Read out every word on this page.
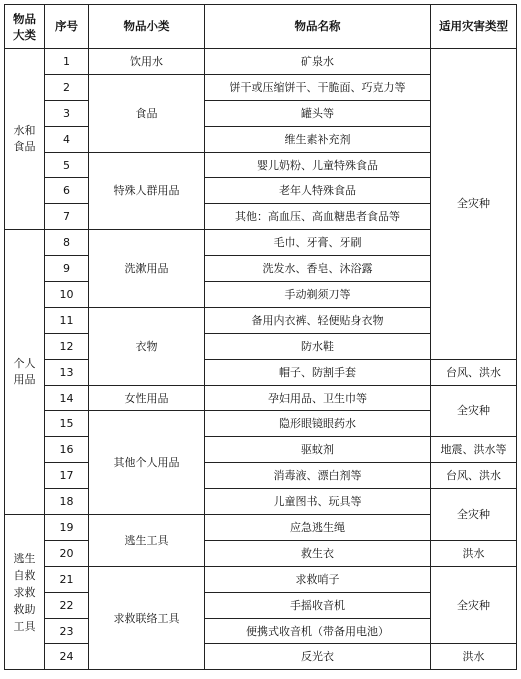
物品大类	序号	物品小类	物品名称	适用灾害类型
水和食品	1	饮用水	矿泉水	全灾种
	2	食品	饼干或压缩饼干、干脆面、巧克力等	
	3		罐头等	
	4		维生素补充剂	
	5	特殊人群用品	婴儿奶粉、儿童特殊食品	
	6		老年人特殊食品	
	7		其他：高血压、高血糖患者食品等	
个人用品	8	洗漱用品	毛巾、牙膏、牙刷	
	9		洗发水、香皂、沐浴露	
	10		手动剃须刀等	
	11	衣物	备用内衣裤、轻便贴身衣物	
	12		防水鞋	
	13		帽子、防割手套	台风、洪水
	14	女性用品	孕妇用品、卫生巾等	全灾种
	15	其他个人用品	隐形眼镜眼药水	
	16		驱蚊剂	地震、洪水等
	17		消毒液、漂白剂等	台风、洪水
	18		儿童图书、玩具等	全灾种
逃生自救求救救助工具	19	逃生工具	应急逃生绳	
	20		救生衣	洪水
	21	求救联络工具	求救哨子	全灾种
	22		手摇收音机	
	23		便携式收音机（带备用电池）	
	24		反光衣	洪水
